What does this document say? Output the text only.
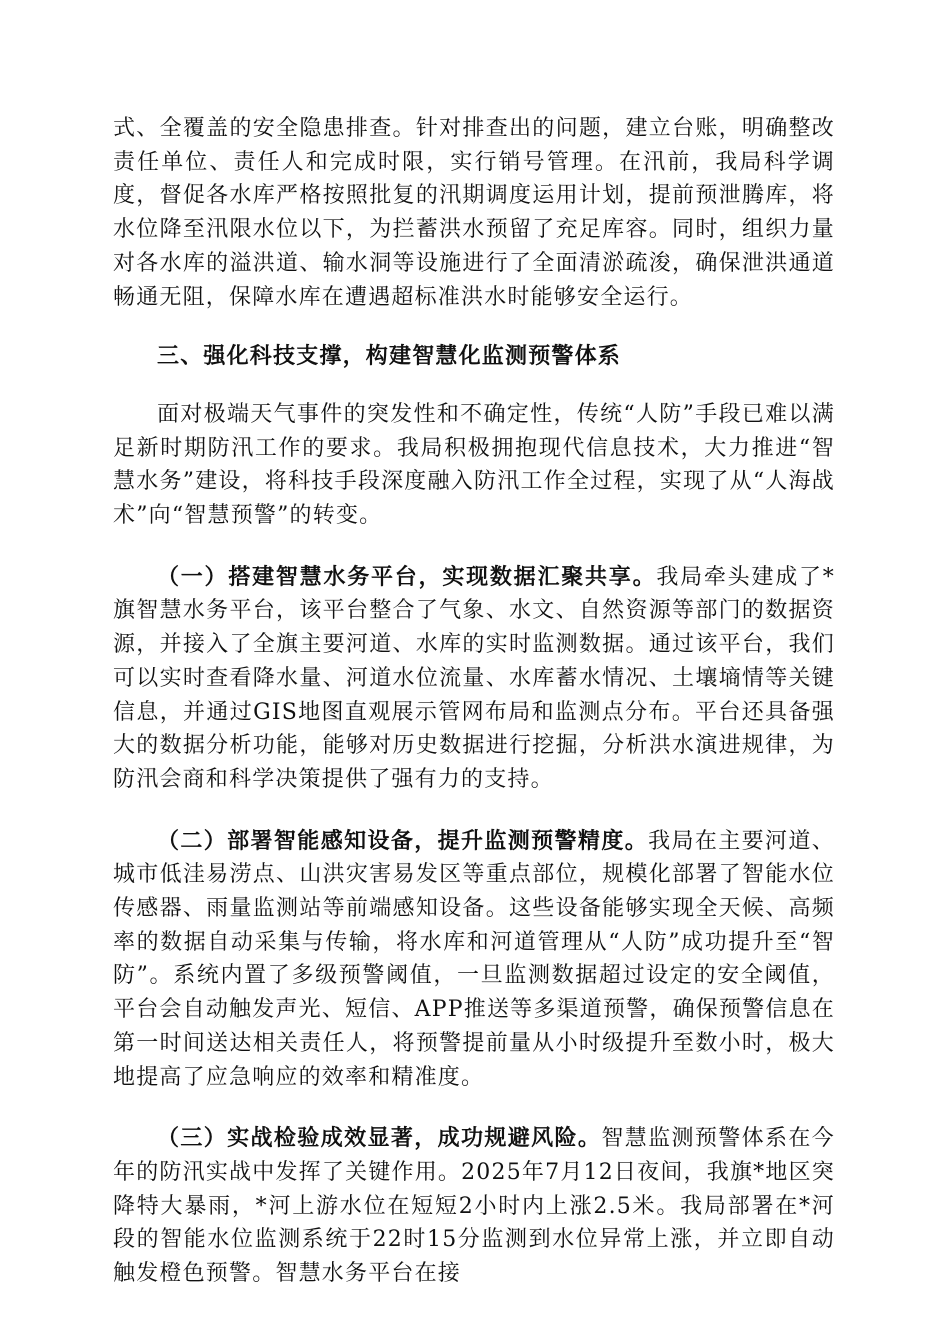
式、全覆盖的安全隐患排查。针对排查出的问题，建立台账，明确整改责任单位、责任人和完成时限，实行销号管理。在汛前，我局科学调度，督促各水库严格按照批复的汛期调度运用计划，提前预泄腾库，将水位降至汛限水位以下，为拦蓄洪水预留了充足库容。同时，组织力量对各水库的溢洪道、输水洞等设施进行了全面清淤疏浚，确保泄洪通道畅通无阻，保障水库在遭遇超标准洪水时能够安全运行。

三、强化科技支撑，构建智慧化监测预警体系

面对极端天气事件的突发性和不确定性，传统“人防”手段已难以满足新时期防汛工作的要求。我局积极拥抱现代信息技术，大力推进“智慧水务”建设，将科技手段深度融入防汛工作全过程，实现了从“人海战术”向“智慧预警”的转变。

（一）搭建智慧水务平台，实现数据汇聚共享。我局牵头建成了*旗智慧水务平台，该平台整合了气象、水文、自然资源等部门的数据资源，并接入了全旗主要河道、水库的实时监测数据。通过该平台，我们可以实时查看降水量、河道水位流量、水库蓄水情况、土壤墒情等关键信息，并通过GIS地图直观展示管网布局和监测点分布。平台还具备强大的数据分析功能，能够对历史数据进行挖掘，分析洪水演进规律，为防汛会商和科学决策提供了强有力的支持。

（二）部署智能感知设备，提升监测预警精度。我局在主要河道、城市低洼易涝点、山洪灾害易发区等重点部位，规模化部署了智能水位传感器、雨量监测站等前端感知设备。这些设备能够实现全天候、高频率的数据自动采集与传输，将水库和河道管理从“人防”成功提升至“智防”。系统内置了多级预警阈值，一旦监测数据超过设定的安全阈值，平台会自动触发声光、短信、APP推送等多渠道预警，确保预警信息在第一时间送达相关责任人，将预警提前量从小时级提升至数小时，极大地提高了应急响应的效率和精准度。

（三）实战检验成效显著，成功规避风险。智慧监测预警体系在今年的防汛实战中发挥了关键作用。2025年7月12日夜间，我旗*地区突降特大暴雨，*河上游水位在短短2小时内上涨2.5米。我局部署在*河段的智能水位监测系统于22时15分监测到水位异常上涨，并立即自动触发橙色预警。智慧水务平台在接
